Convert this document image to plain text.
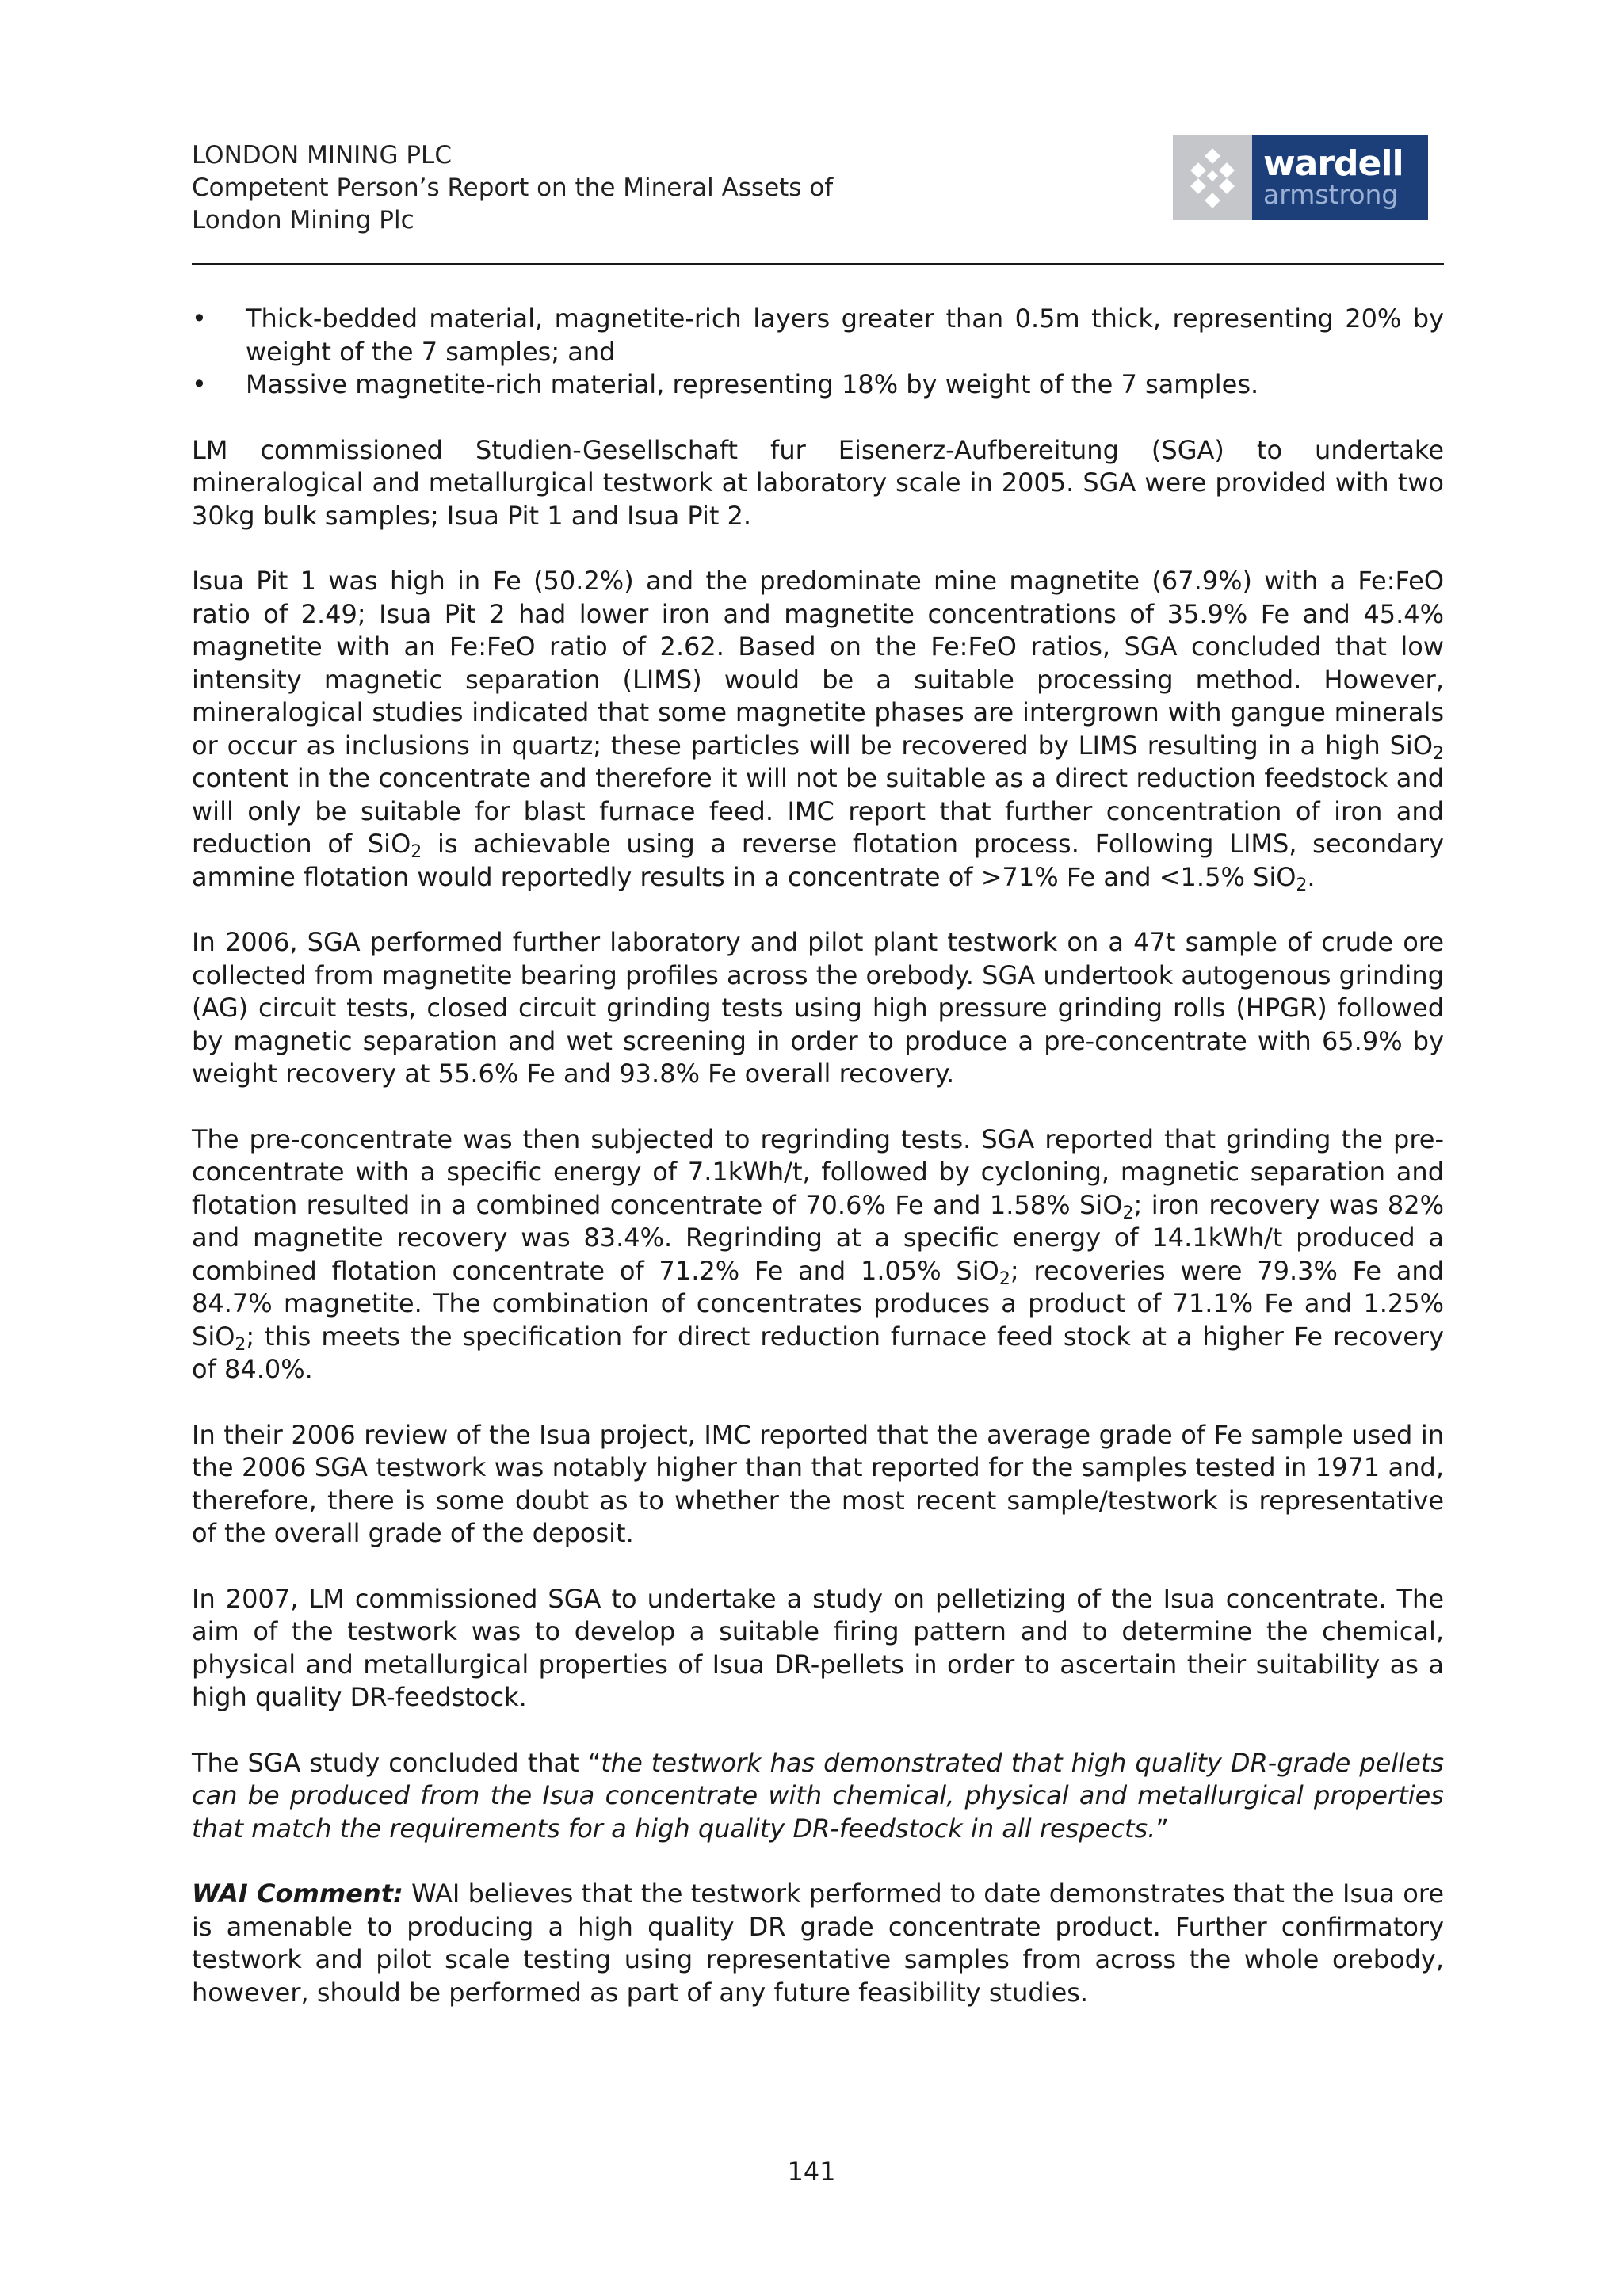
LONDON MINING PLC
Competent Person’s Report on the Mineral Assets of
London Mining Plc
wardell
armstrong
• Thick-bedded material, magnetite-rich layers greater than 0.5m thick, representing 20% by weight of the 7 samples; and
• Massive magnetite-rich material, representing 18% by weight of the 7 samples.

LM commissioned Studien-Gesellschaft fur Eisenerz-Aufbereitung (SGA) to undertake mineralogical and metallurgical testwork at laboratory scale in 2005. SGA were provided with two 30kg bulk samples; Isua Pit 1 and Isua Pit 2.

Isua Pit 1 was high in Fe (50.2%) and the predominate mine magnetite (67.9%) with a Fe:FeO ratio of 2.49; Isua Pit 2 had lower iron and magnetite concentrations of 35.9% Fe and 45.4% magnetite with an Fe:FeO ratio of 2.62. Based on the Fe:FeO ratios, SGA concluded that low intensity magnetic separation (LIMS) would be a suitable processing method. However, mineralogical studies indicated that some magnetite phases are intergrown with gangue minerals or occur as inclusions in quartz; these particles will be recovered by LIMS resulting in a high SiO$_2$ content in the concentrate and therefore it will not be suitable as a direct reduction feedstock and will only be suitable for blast furnace feed. IMC report that further concentration of iron and reduction of SiO$_2$ is achievable using a reverse flotation process. Following LIMS, secondary ammine flotation would reportedly results in a concentrate of >71% Fe and <1.5% SiO$_2$.

In 2006, SGA performed further laboratory and pilot plant testwork on a 47t sample of crude ore collected from magnetite bearing profiles across the orebody. SGA undertook autogenous grinding (AG) circuit tests, closed circuit grinding tests using high pressure grinding rolls (HPGR) followed by magnetic separation and wet screening in order to produce a pre-concentrate with 65.9% by weight recovery at 55.6% Fe and 93.8% Fe overall recovery.

The pre-concentrate was then subjected to regrinding tests. SGA reported that grinding the pre-concentrate with a specific energy of 7.1kWh/t, followed by cycloning, magnetic separation and flotation resulted in a combined concentrate of 70.6% Fe and 1.58% SiO$_2$; iron recovery was 82% and magnetite recovery was 83.4%. Regrinding at a specific energy of 14.1kWh/t produced a combined flotation concentrate of 71.2% Fe and 1.05% SiO$_2$; recoveries were 79.3% Fe and 84.7% magnetite. The combination of concentrates produces a product of 71.1% Fe and 1.25% SiO$_2$; this meets the specification for direct reduction furnace feed stock at a higher Fe recovery of 84.0%.

In their 2006 review of the Isua project, IMC reported that the average grade of Fe sample used in the 2006 SGA testwork was notably higher than that reported for the samples tested in 1971 and, therefore, there is some doubt as to whether the most recent sample/testwork is representative of the overall grade of the deposit.

In 2007, LM commissioned SGA to undertake a study on pelletizing of the Isua concentrate. The aim of the testwork was to develop a suitable firing pattern and to determine the chemical, physical and metallurgical properties of Isua DR-pellets in order to ascertain their suitability as a high quality DR-feedstock.

The SGA study concluded that “the testwork has demonstrated that high quality DR-grade pellets can be produced from the Isua concentrate with chemical, physical and metallurgical properties that match the requirements for a high quality DR-feedstock in all respects.”

WAI Comment: WAI believes that the testwork performed to date demonstrates that the Isua ore is amenable to producing a high quality DR grade concentrate product. Further confirmatory testwork and pilot scale testing using representative samples from across the whole orebody, however, should be performed as part of any future feasibility studies.

141
